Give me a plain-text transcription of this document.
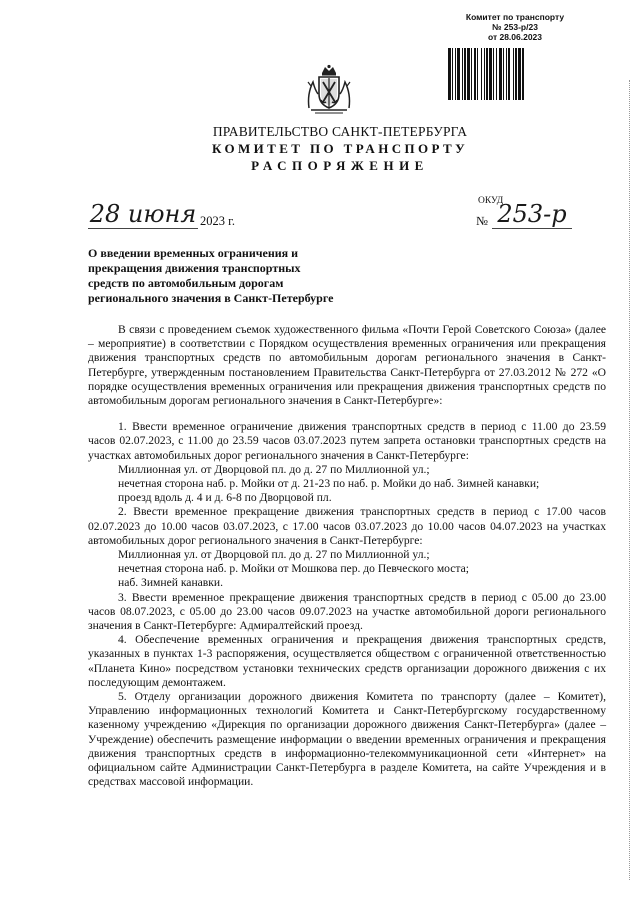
Комитет по транспорту
№ 253-р/23
от 28.06.2023
ПРАВИТЕЛЬСТВО САНКТ-ПЕТЕРБУРГА
КОМИТЕТ ПО ТРАНСПОРТУ
РАСПОРЯЖЕНИЕ
ОКУД
28 июня 2023 г.	№ 253-р
О введении временных ограничения и прекращения движения транспортных средств по автомобильным дорогам регионального значения в Санкт-Петербурге

В связи с проведением съемок художественного фильма «Почти Герой Советского Союза» (далее – мероприятие) в соответствии с Порядком осуществления временных ограничения или прекращения движения транспортных средств по автомобильным дорогам регионального значения в Санкт-Петербурге, утвержденным постановлением Правительства Санкт-Петербурга от 27.03.2012 № 272 «О порядке осуществления временных ограничения или прекращения движения транспортных средств по автомобильным дорогам регионального значения в Санкт-Петербурге»:

1. Ввести временное ограничение движения транспортных средств в период с 11.00 до 23.59 часов 02.07.2023, с 11.00 до 23.59 часов 03.07.2023 путем запрета остановки транспортных средств на участках автомобильных дорог регионального значения в Санкт-Петербурге:

Миллионная ул. от Дворцовой пл. до д. 27 по Миллионной ул.;

нечетная сторона наб. р. Мойки от д. 21-23 по наб. р. Мойки до наб. Зимней канавки;

проезд вдоль д. 4 и д. 6-8 по Дворцовой пл.

2. Ввести временное прекращение движения транспортных средств в период с 17.00 часов 02.07.2023 до 10.00 часов 03.07.2023, с 17.00 часов 03.07.2023 до 10.00 часов 04.07.2023 на участках автомобильных дорог регионального значения в Санкт-Петербурге:

Миллионная ул. от Дворцовой пл. до д. 27 по Миллионной ул.;

нечетная сторона наб. р. Мойки от Мошкова пер. до Певческого моста;

наб. Зимней канавки.

3. Ввести временное прекращение движения транспортных средств в период с 05.00 до 23.00 часов 08.07.2023, с 05.00 до 23.00 часов 09.07.2023 на участке автомобильной дороги регионального значения в Санкт-Петербурге: Адмиралтейский проезд.

4. Обеспечение временных ограничения и прекращения движения транспортных средств, указанных в пунктах 1-3 распоряжения, осуществляется обществом с ограниченной ответственностью «Планета Кино» посредством установки технических средств организации дорожного движения с их последующим демонтажем.

5. Отделу организации дорожного движения Комитета по транспорту (далее – Комитет), Управлению информационных технологий Комитета и Санкт-Петербургскому государственному казенному учреждению «Дирекция по организации дорожного движения Санкт-Петербурга» (далее – Учреждение) обеспечить размещение информации о введении временных ограничения и прекращения движения транспортных средств в информационно-телекоммуникационной сети «Интернет» на официальном сайте Администрации Санкт-Петербурга в разделе Комитета, на сайте Учреждения и в средствах массовой информации.
